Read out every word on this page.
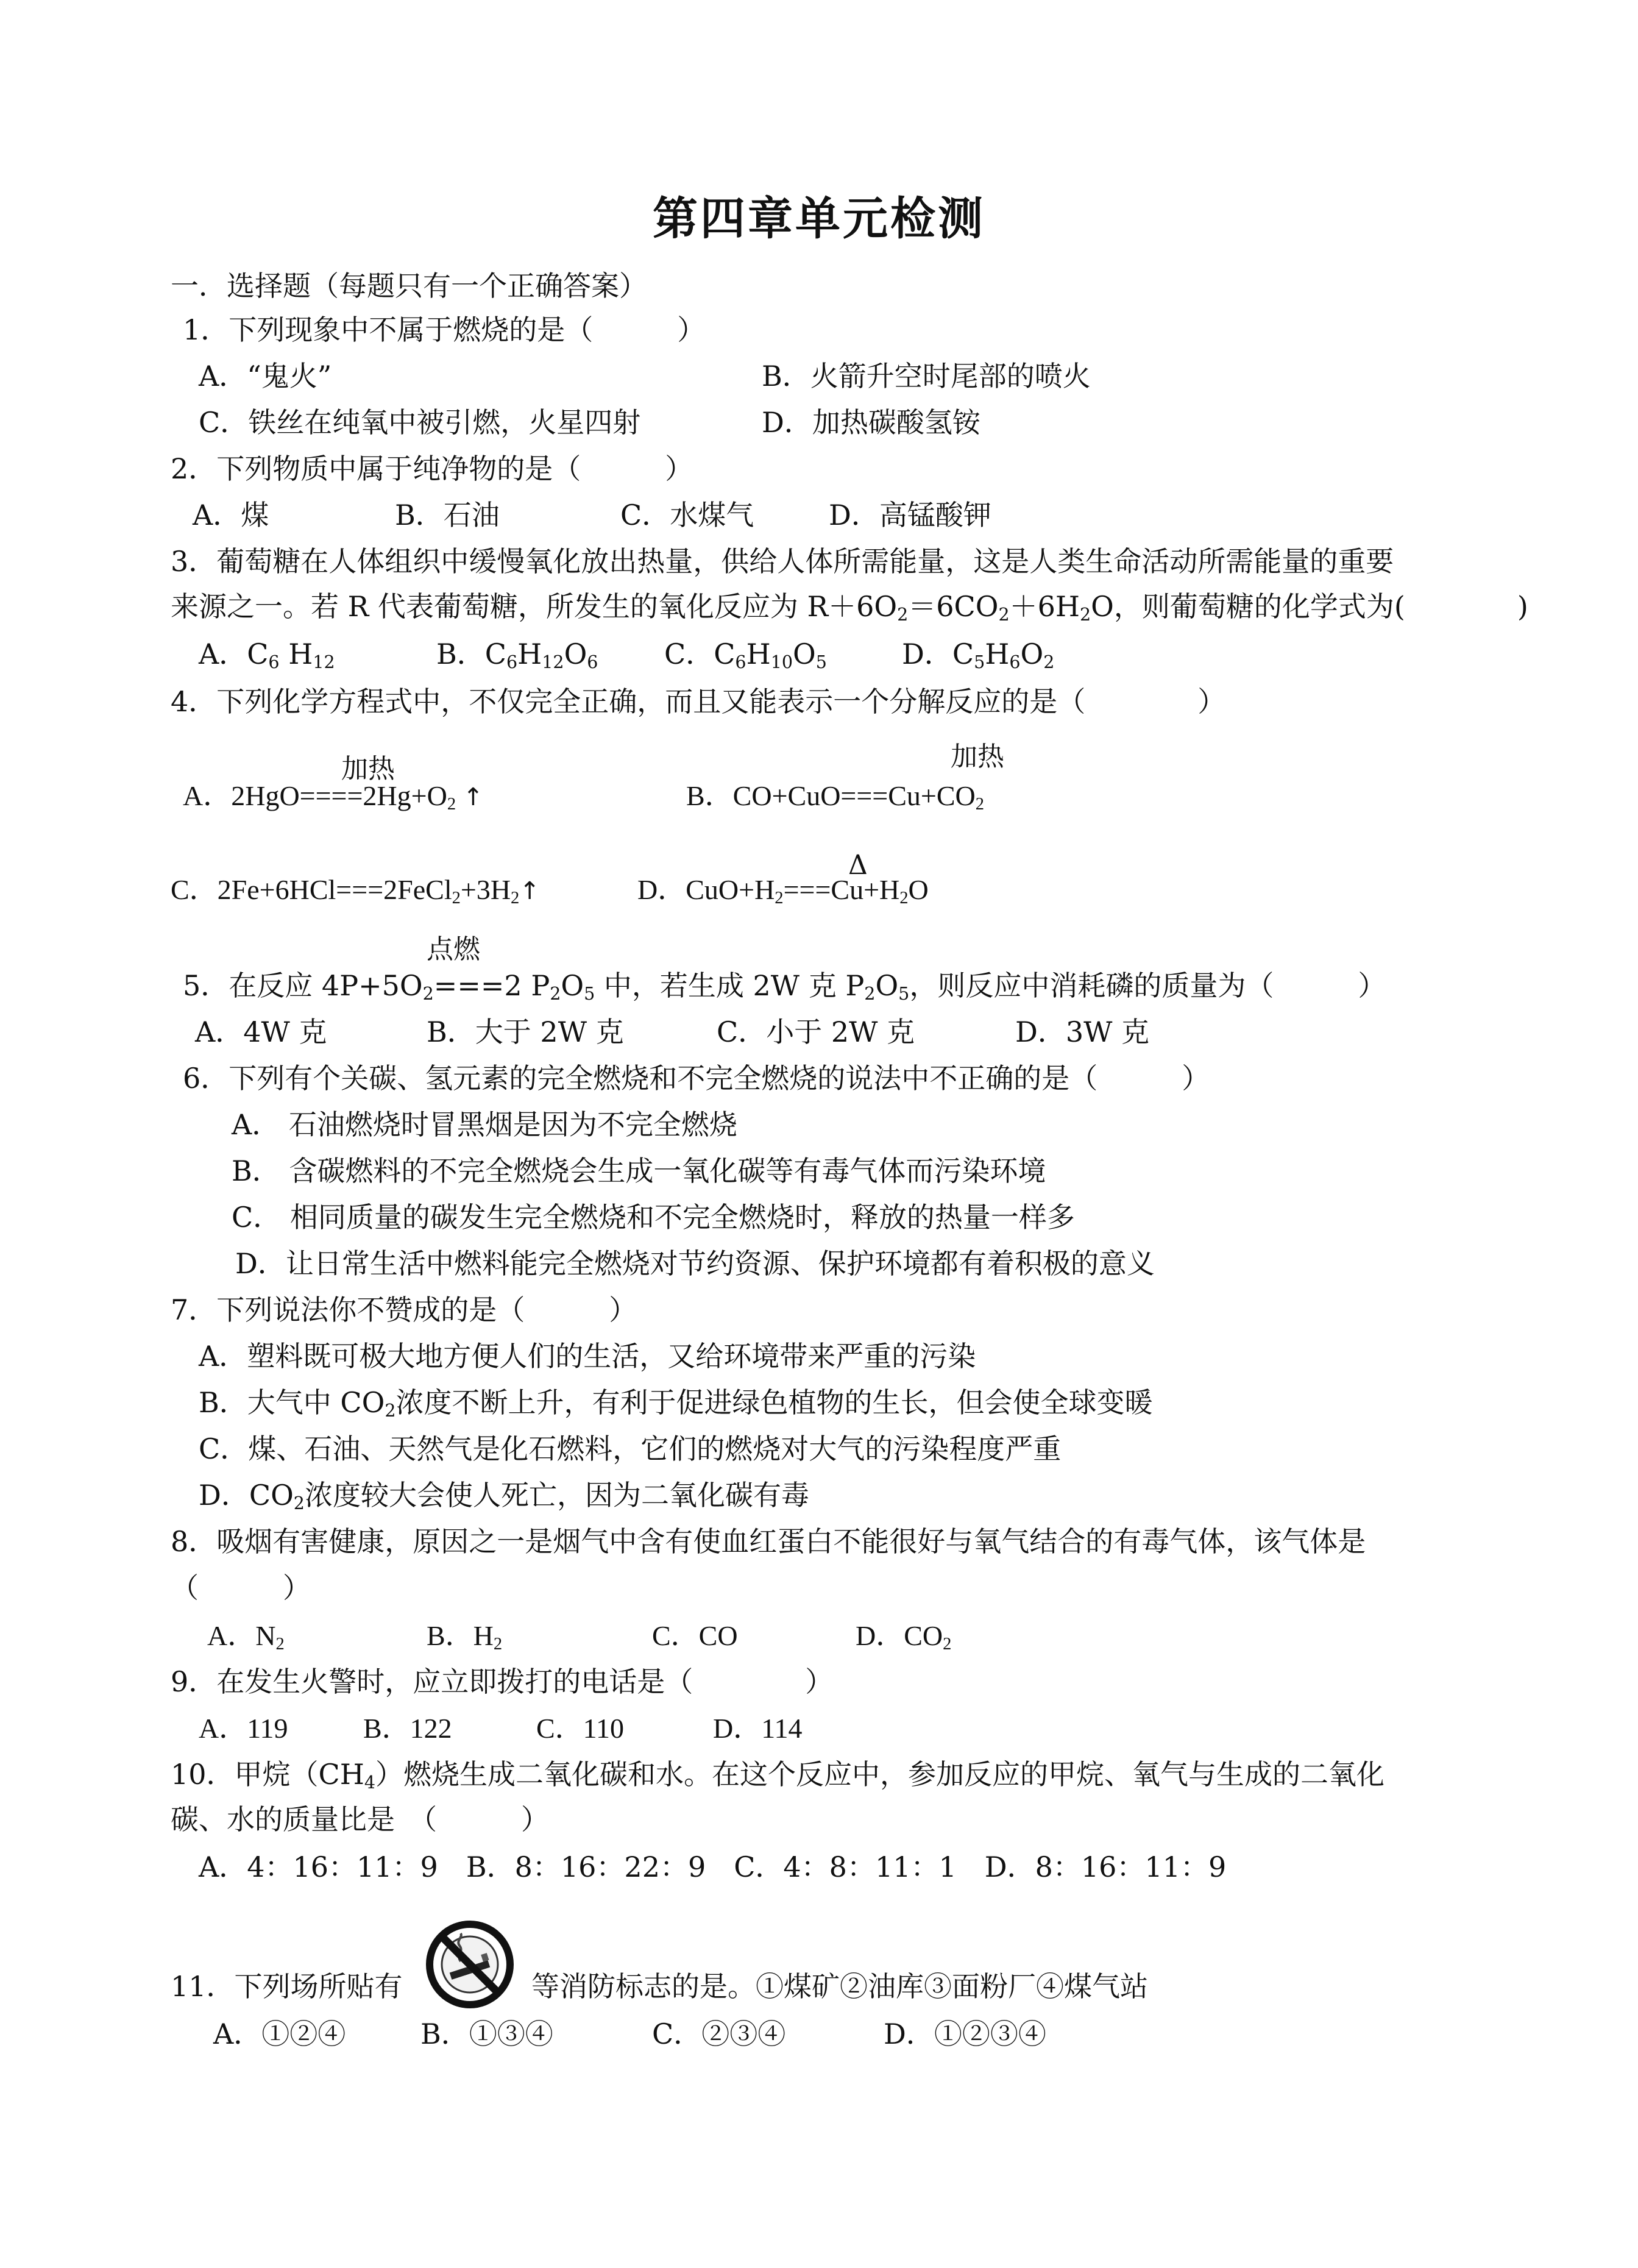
第四章单元检测
一．选择题（每题只有一个正确答案）
1．下列现象中不属于燃烧的是（　　　）
A．“鬼火”	B．火箭升空时尾部的喷火
C．铁丝在纯氧中被引燃，火星四射	D．加热碳酸氢铵
2．下列物质中属于纯净物的是（　　　）
A．煤	B．石油	C．水煤气	D．高锰酸钾
3．葡萄糖在人体组织中缓慢氧化放出热量，供给人体所需能量，这是人类生命活动所需能量的重要
来源之一。若 R 代表葡萄糖，所发生的氧化反应为 $R+6O_2=6CO_2+6H_2O$，则葡萄糖的化学式为(　　　　)
A．$C_6$ $H_{12}$	B．$C_6H_{12}O_6$ C．$C_6H_{10}O_5$	D．$C_5H_6O_2$
4．下列化学方程式中，不仅完全正确，而且又能表示一个分解反应的是（　　　　）
加热	加热
A．$2HgO====2Hg+O_2$ ↑	B．$CO+CuO===Cu+CO_2$
Δ
C．$2Fe+6HCl===2FeCl_2+3H_2↑$	D．$CuO+H_2===Cu+H_2O$
点燃
5．在反应 $4P+5O_2===2$ $P_2O_5$ 中，若生成 2W 克 $P_2O_5$，则反应中消耗磷的质量为（　　　）
A．4W 克	B．大于 2W 克	C．小于 2W 克	D．3W 克
6．下列有个关碳、氢元素的完全燃烧和不完全燃烧的说法中不正确的是（　　　）
A． 石油燃烧时冒黑烟是因为不完全燃烧
B． 含碳燃料的不完全燃烧会生成一氧化碳等有毒气体而污染环境
C． 相同质量的碳发生完全燃烧和不完全燃烧时，释放的热量一样多
D．让日常生活中燃料能完全燃烧对节约资源、保护环境都有着积极的意义
7．下列说法你不赞成的是（　　　）
A．塑料既可极大地方便人们的生活，又给环境带来严重的污染
B．大气中 $CO_2$浓度不断上升，有利于促进绿色植物的生长，但会使全球变暖
C．煤、石油、天然气是化石燃料，它们的燃烧对大气的污染程度严重
D．$CO_2$浓度较大会使人死亡，因为二氧化碳有毒
8．吸烟有害健康，原因之一是烟气中含有使血红蛋白不能很好与氧气结合的有毒气体，该气体是
（　　　）
A．$N_2$	B．$H_2$	C．CO	D．$CO_2$
9．在发生火警时，应立即拨打的电话是（　　　　）
A．119	B．122	C．110	D．114
10．甲烷$(CH_4)$燃烧生成二氧化碳和水。在这个反应中，参加反应的甲烷、氧气与生成的二氧化
碳、水的质量比是　（　　　）
A．4：16：11：9　B．8：16：22：9　C．4：8：11：1　D．8：16：11：9
11．下列场所贴有	等消防标志的是。①煤矿②油库③面粉厂④煤气站
A．①②④	B．①③④	C．②③④	D．①②③④
